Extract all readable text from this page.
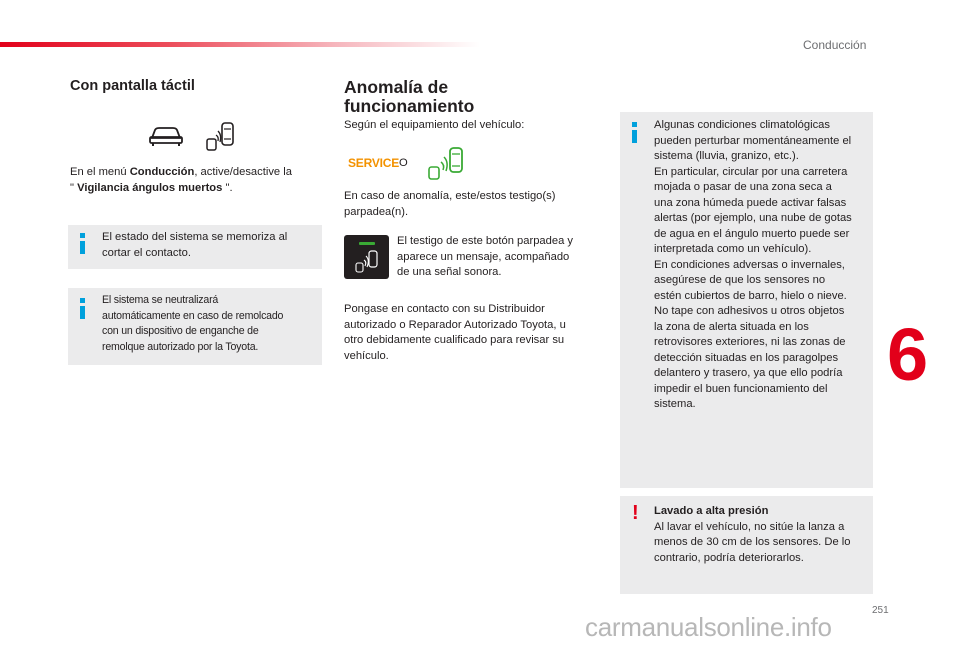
Conducción
6
251
Con pantalla táctil
En el menú Conducción, active/desactive la
" Vigilancia ángulos muertos ".
El estado del sistema se memoriza al
cortar el contacto.
El sistema se neutralizará
automáticamente en caso de remolcado
con un dispositivo de enganche de
remolque autorizado por la Toyota.
Anomalía de
funcionamiento
Según el equipamiento del vehículo:
SERVICE O
En caso de anomalía, este/estos testigo(s)
parpadea(n).
El testigo de este botón parpadea y
aparece un mensaje, acompañado
de una señal sonora.
Pongase en contacto con su Distribuidor
autorizado o Reparador Autorizado Toyota, u
otro debidamente cualificado para revisar su
vehículo.
Algunas condiciones climatológicas
pueden perturbar momentáneamente el
sistema (lluvia, granizo, etc.).
En particular, circular por una carretera
mojada o pasar de una zona seca a
una zona húmeda puede activar falsas
alertas (por ejemplo, una nube de gotas
de agua en el ángulo muerto puede ser
interpretada como un vehículo).
En condiciones adversas o invernales,
asegúrese de que los sensores no
estén cubiertos de barro, hielo o nieve.
No tape con adhesivos u otros objetos
la zona de alerta situada en los
retrovisores exteriores, ni las zonas de
detección situadas en los paragolpes
delantero y trasero, ya que ello podría
impedir el buen funcionamiento del
sistema.
! Lavado a alta presión
Al lavar el vehículo, no sitúe la lanza a
menos de 30 cm de los sensores. De lo
contrario, podría deteriorarlos.
carmanualsonline.info
